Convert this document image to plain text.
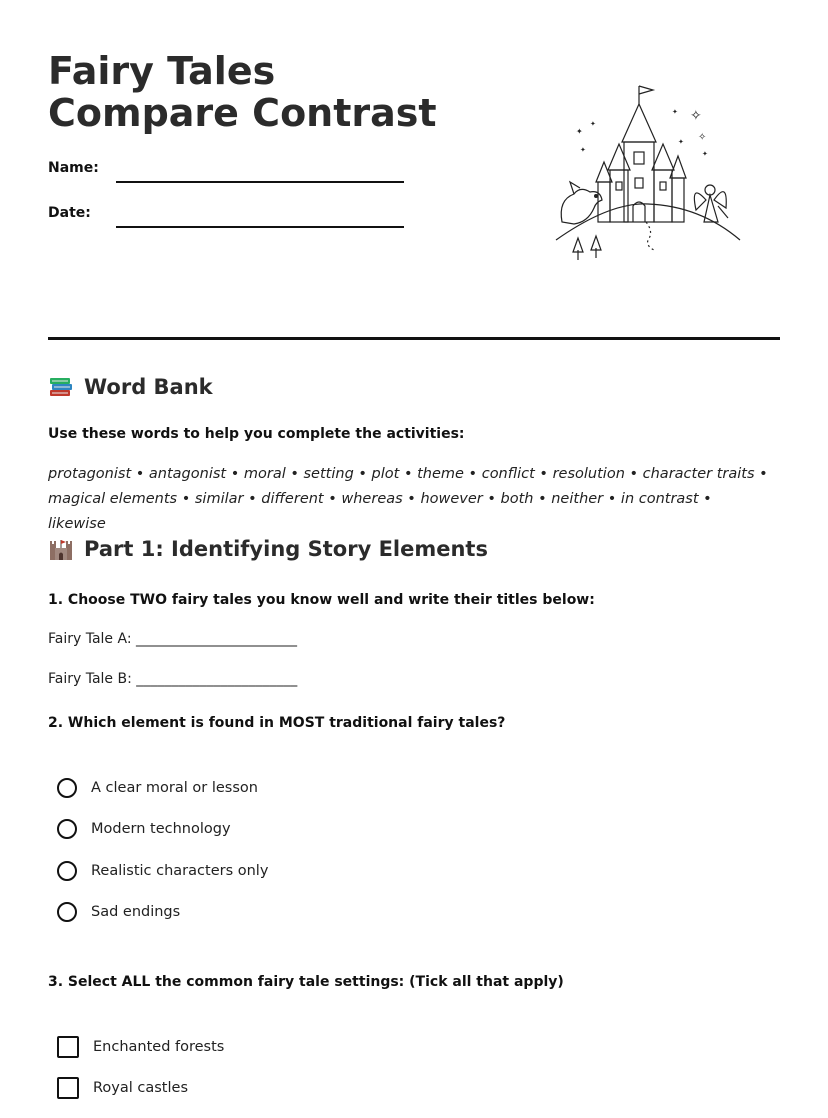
Fairy Tales Compare Contrast
Name:
Date:
✧
✧
✦
✦
✦
✦
✦
✦
Word Bank
Use these words to help you complete the activities:
protagonist • antagonist • moral • setting • plot • theme • conflict • resolution • character traits • magical elements • similar • different • whereas • however • both • neither • in contrast • likewise
Part 1: Identifying Story Elements
1. Choose TWO fairy tales you know well and write their titles below:
Fairy Tale A: _______________________
Fairy Tale B: _______________________
2. Which element is found in MOST traditional fairy tales?
A clear moral or lesson
Modern technology
Realistic characters only
Sad endings
3. Select ALL the common fairy tale settings: (Tick all that apply)
Enchanted forests
Royal castles
